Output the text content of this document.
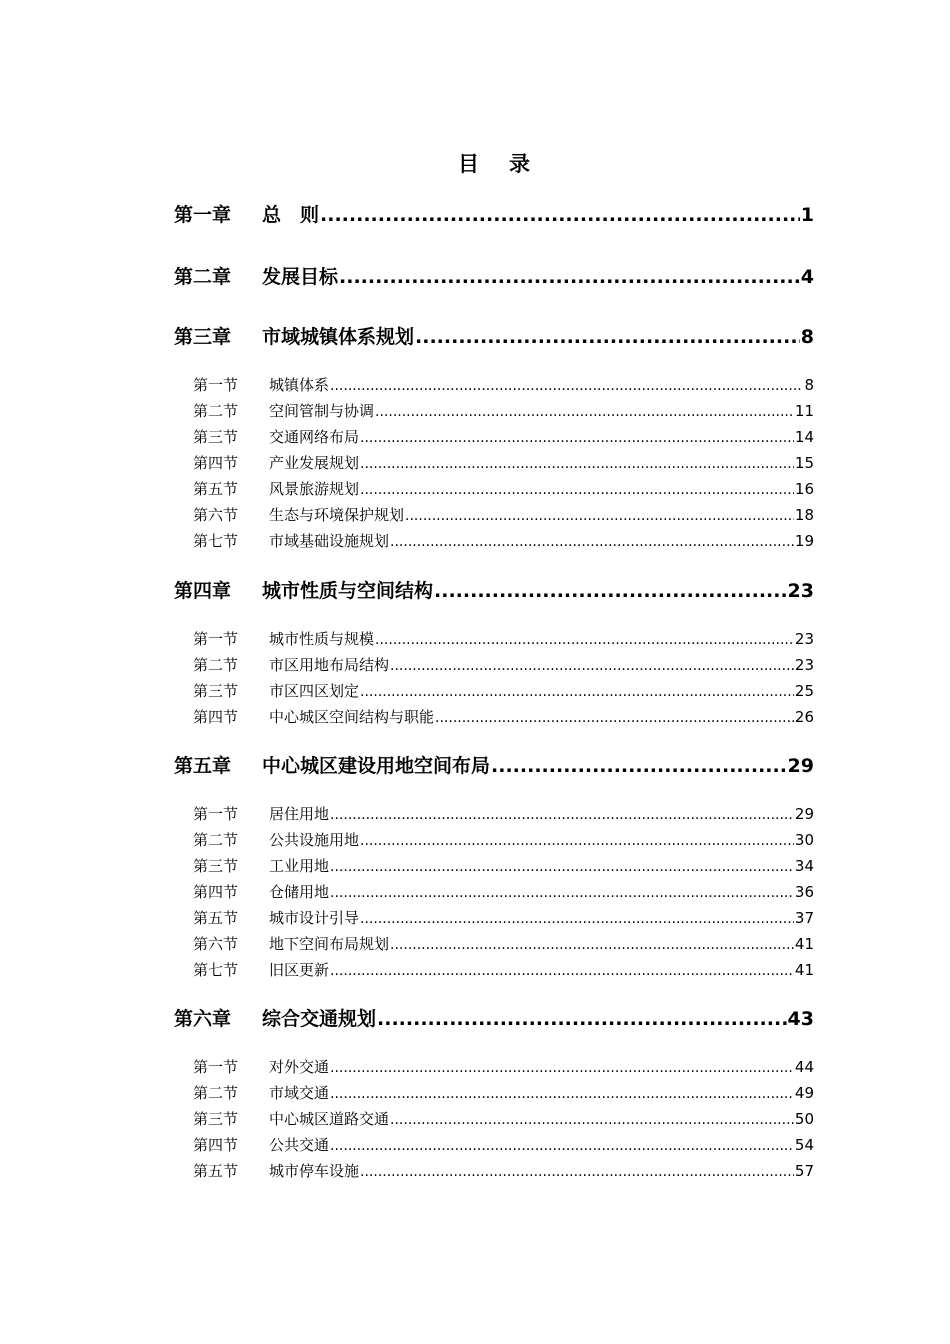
目 录
第一章	总　则 .....	1
第二章	发展目标 .....	4
第三章	市域城镇体系规划 .....	8
第一节	城镇体系 .....	8
第二节	空间管制与协调 .....	11
第三节	交通网络布局 .....	14
第四节	产业发展规划 .....	15
第五节	风景旅游规划 .....	16
第六节	生态与环境保护规划 .....	18
第七节	市域基础设施规划 .....	19
第四章	城市性质与空间结构 .....	23
第一节	城市性质与规模 .....	23
第二节	市区用地布局结构 .....	23
第三节	市区四区划定 .....	25
第四节	中心城区空间结构与职能 .....	26
第五章	中心城区建设用地空间布局 .....	29
第一节	居住用地 .....	29
第二节	公共设施用地 .....	30
第三节	工业用地 .....	34
第四节	仓储用地 .....	36
第五节	城市设计引导 .....	37
第六节	地下空间布局规划 .....	41
第七节	旧区更新 .....	41
第六章	综合交通规划 .....	43
第一节	对外交通 .....	44
第二节	市域交通 .....	49
第三节	中心城区道路交通 .....	50
第四节	公共交通 .....	54
第五节	城市停车设施 .....	57
